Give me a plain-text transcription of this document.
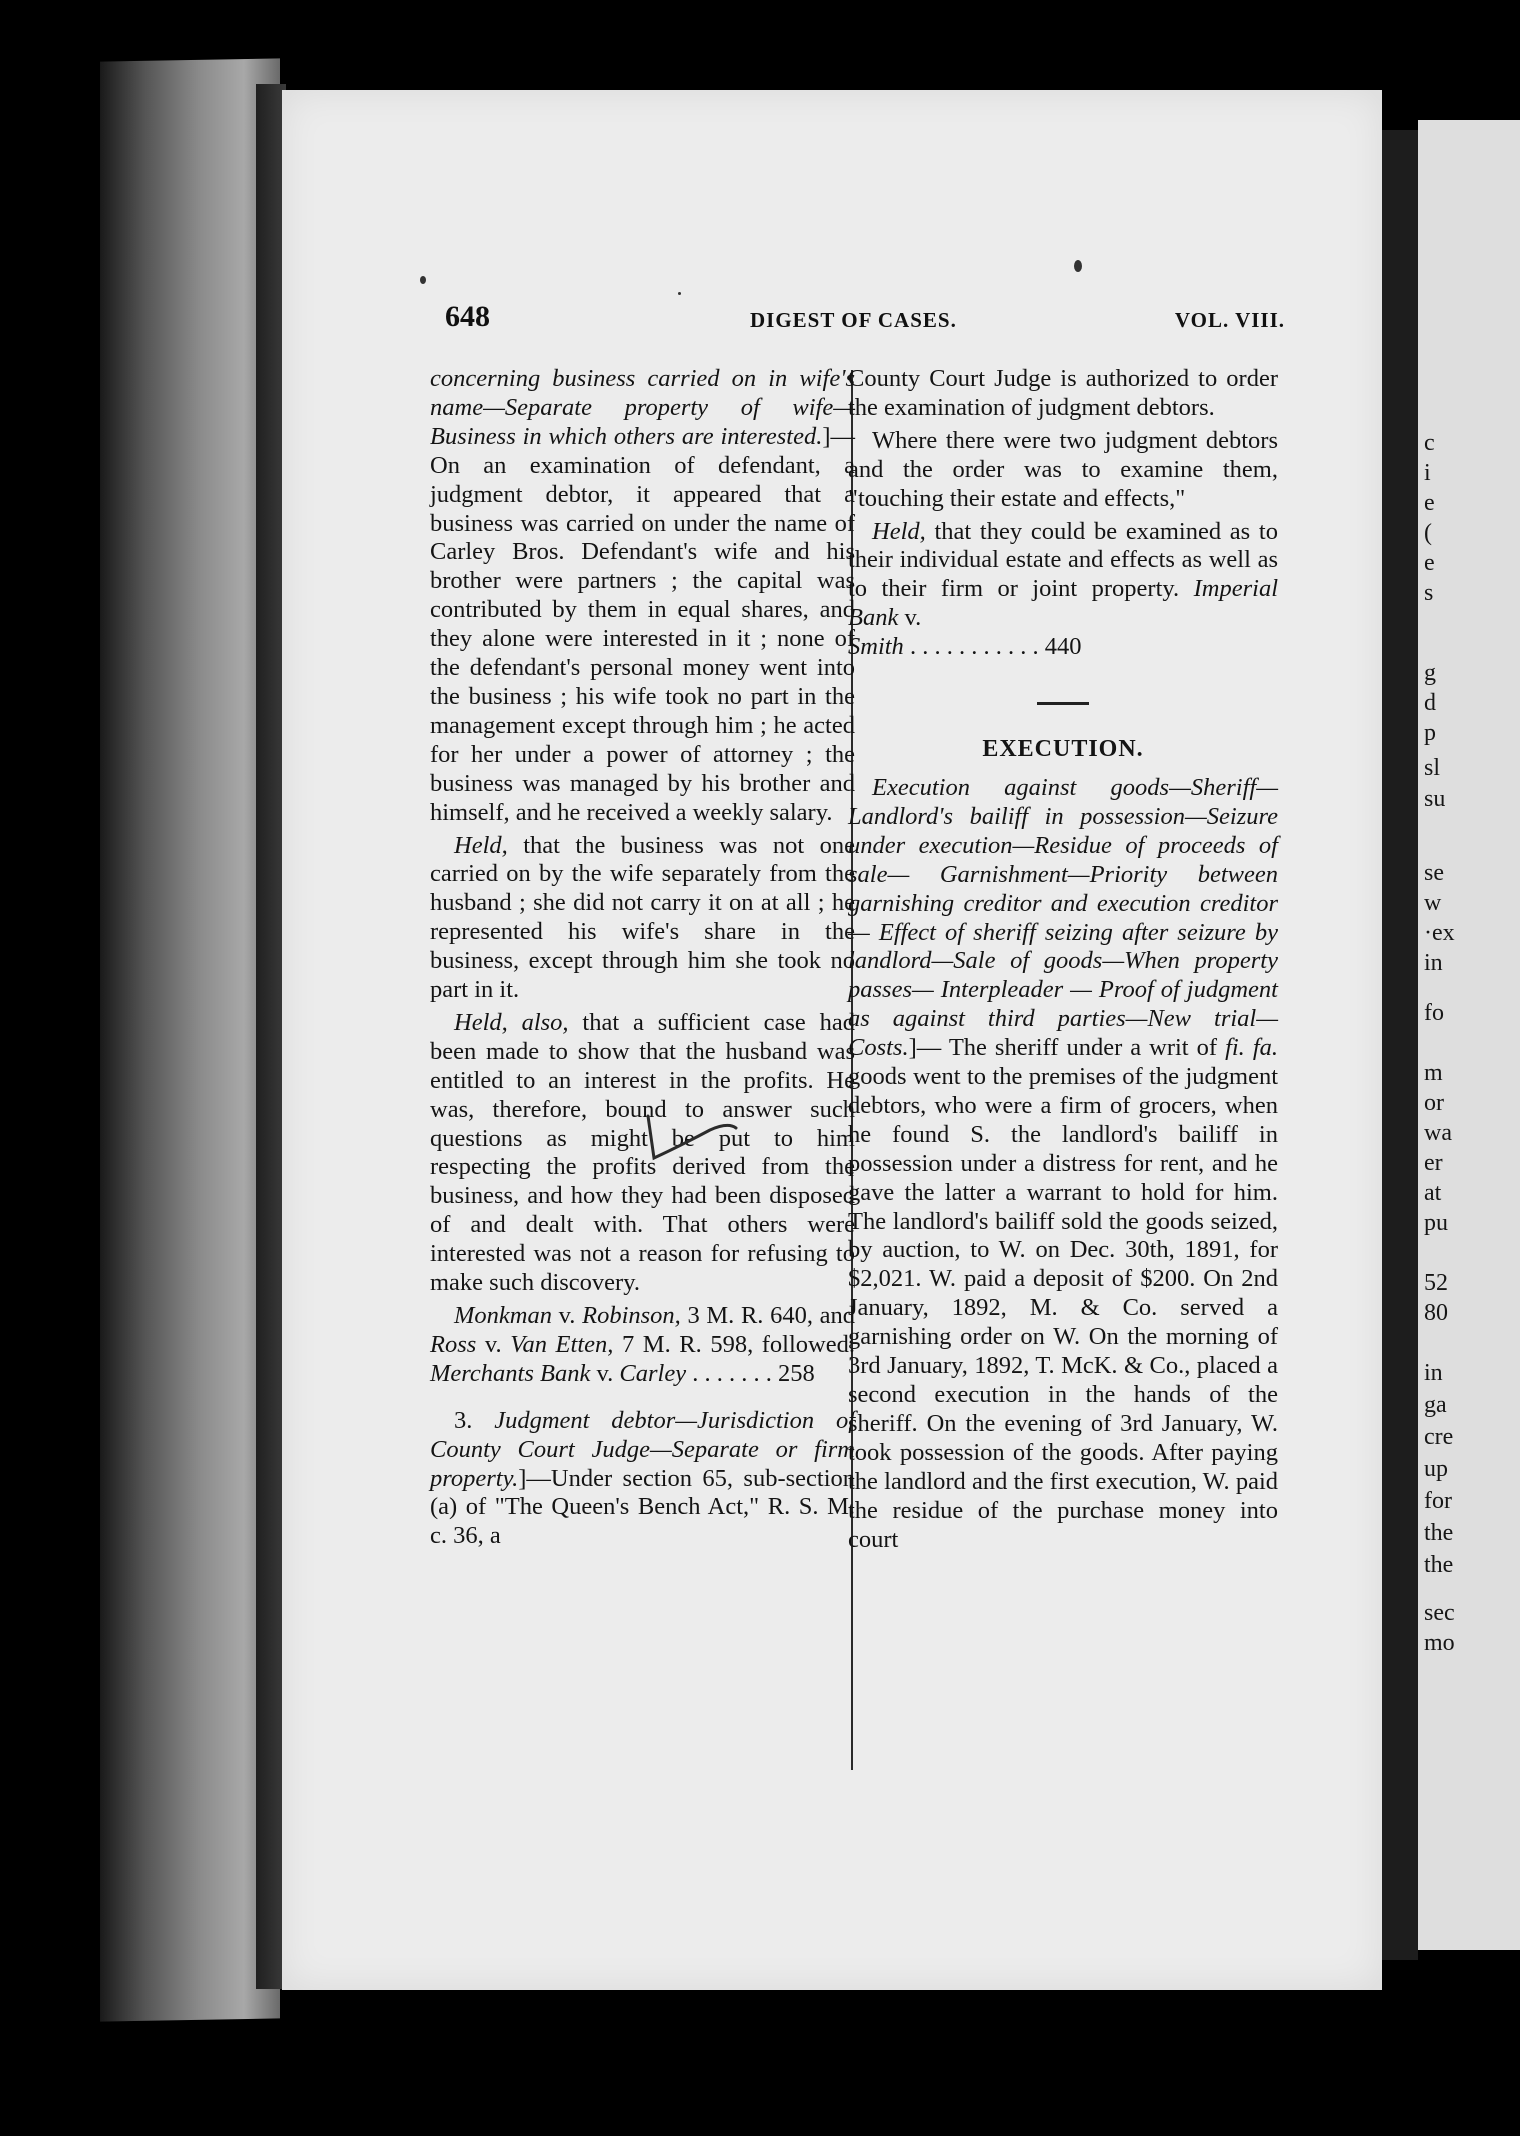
c
i
e
(
e
s
g
d
p
sl
su
se
w
·ex
in
fo
m
or
wa
er
at
pu
52
80
in
ga
cre
up
for
the
the
sec
mo
648	DIGEST OF CASES.	VOL. VIII.

concerning business carried on in wife's name—Separate property of wife—Business in which others are interested.]—On an examination of defendant, a judgment debtor, it appeared that a business was carried on under the name of Carley Bros. Defendant's wife and his brother were partners ; the capital was contributed by them in equal shares, and they alone were interested in it ; none of the defendant's personal money went into the business ; his wife took no part in the management except through him ; he acted for her under a power of attorney ; the business was managed by his brother and himself, and he received a weekly salary.

Held, that the business was not one carried on by the wife separately from the husband ; she did not carry it on at all ; he represented his wife's share in the business, except through him she took no part in it.

Held, also, that a sufficient case had been made to show that the husband was entitled to an interest in the profits. He was, therefore, bound to answer such questions as might be put to him respecting the profits derived from the business, and how they had been disposed of and dealt with. That others were interested was not a reason for refusing to make such discovery.

Monkman v. Robinson, 3 M. R. 640, and Ross v. Van Etten, 7 M. R. 598, followed. Merchants Bank v. Carley . . . . . . . 258

3. Judgment debtor—Jurisdiction of County Court Judge—Separate or firm property.]—Under section 65, sub-section (a) of "The Queen's Bench Act," R. S. M. c. 36, a

County Court Judge is authorized to order the examination of judgment debtors.

Where there were two judgment debtors and the order was to examine them, "touching their estate and effects,"

Held, that they could be examined as to their individual estate and effects as well as to their firm or joint property. Imperial Bank v.
Smith . . . . . . . . . . . 440

EXECUTION.

Execution against goods—Sheriff—Landlord's bailiff in possession—Seizure under execution—Residue of proceeds of sale— Garnishment—Priority between garnishing creditor and execution creditor— Effect of sheriff seizing after seizure by landlord—Sale of goods—When property passes— Interpleader — Proof of judgment as against third parties—New trial— Costs.]— The sheriff under a writ of fi. fa. goods went to the premises of the judgment debtors, who were a firm of grocers, when he found S. the landlord's bailiff in possession under a distress for rent, and he gave the latter a warrant to hold for him. The landlord's bailiff sold the goods seized, by auction, to W. on Dec. 30th, 1891, for $2,021. W. paid a deposit of $200. On 2nd January, 1892, M. & Co. served a garnishing order on W. On the morning of 3rd January, 1892, T. McK. & Co., placed a second execution in the hands of the sheriff. On the evening of 3rd January, W. took possession of the goods. After paying the landlord and the first execution, W. paid the residue of the purchase money into court
